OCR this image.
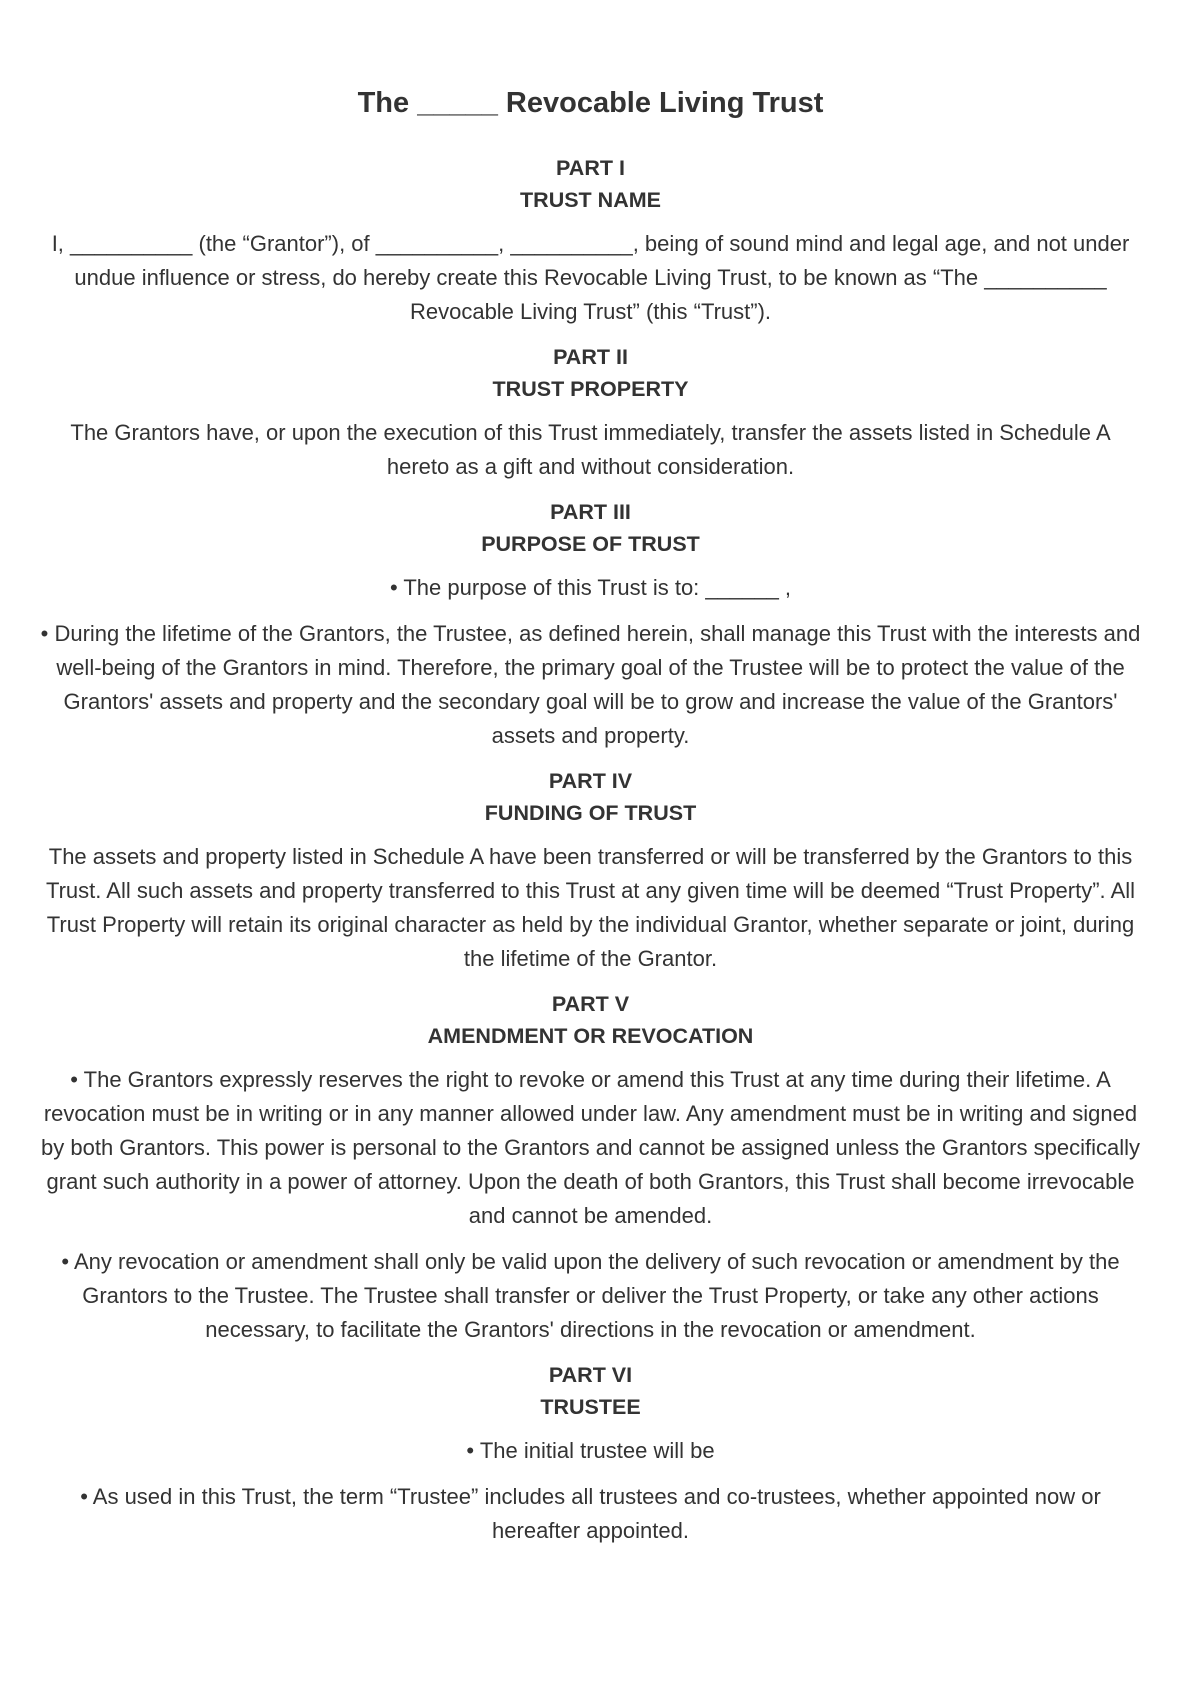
The _____ Revocable Living Trust
PART I
TRUST NAME

I, __________ (the “Grantor”), of __________, __________, being of sound mind and legal age, and not under undue influence or stress, do hereby create this Revocable Living Trust, to be known as “The __________ Revocable Living Trust” (this “Trust”).

PART II
TRUST PROPERTY

The Grantors have, or upon the execution of this Trust immediately, transfer the assets listed in Schedule A hereto as a gift and without consideration.

PART III
PURPOSE OF TRUST

• The purpose of this Trust is to: ______ ,

• During the lifetime of the Grantors, the Trustee, as defined herein, shall manage this Trust with the interests and well-being of the Grantors in mind. Therefore, the primary goal of the Trustee will be to protect the value of the Grantors' assets and property and the secondary goal will be to grow and increase the value of the Grantors' assets and property.

PART IV
FUNDING OF TRUST

The assets and property listed in Schedule A have been transferred or will be transferred by the Grantors to this Trust. All such assets and property transferred to this Trust at any given time will be deemed “Trust Property”. All Trust Property will retain its original character as held by the individual Grantor, whether separate or joint, during the lifetime of the Grantor.

PART V
AMENDMENT OR REVOCATION

• The Grantors expressly reserves the right to revoke or amend this Trust at any time during their lifetime. A revocation must be in writing or in any manner allowed under law. Any amendment must be in writing and signed by both Grantors. This power is personal to the Grantors and cannot be assigned unless the Grantors specifically grant such authority in a power of attorney. Upon the death of both Grantors, this Trust shall become irrevocable and cannot be amended.

• Any revocation or amendment shall only be valid upon the delivery of such revocation or amendment by the Grantors to the Trustee. The Trustee shall transfer or deliver the Trust Property, or take any other actions necessary, to facilitate the Grantors' directions in the revocation or amendment.

PART VI
TRUSTEE

• The initial trustee will be

• As used in this Trust, the term “Trustee” includes all trustees and co-trustees, whether appointed now or hereafter appointed.
